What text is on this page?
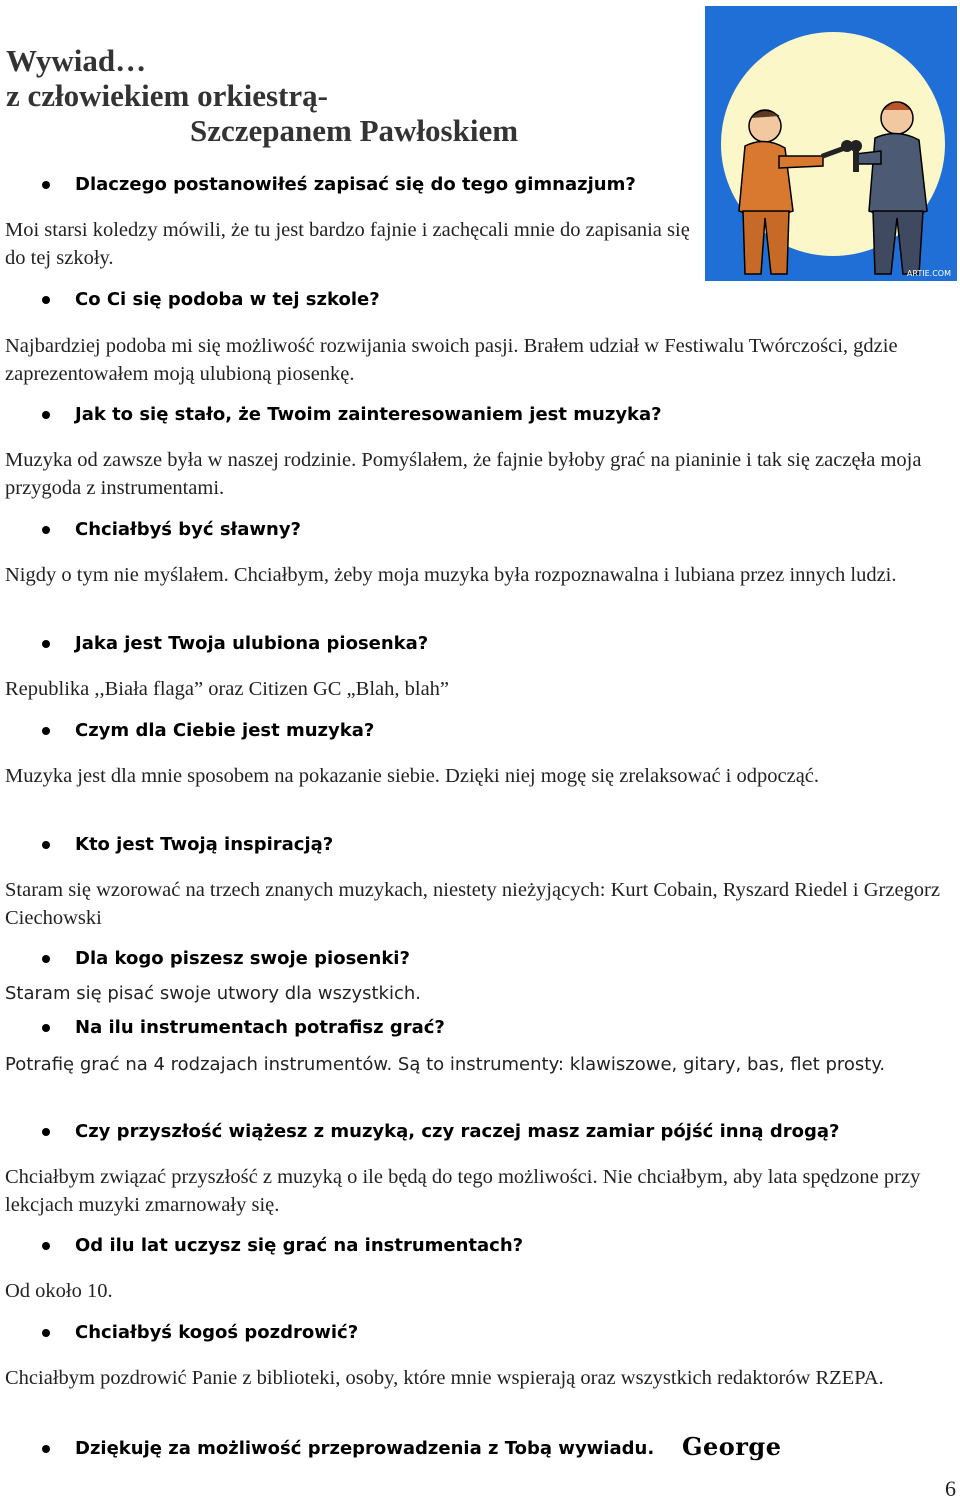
Wywiad…
z człowiekiem orkiestrą-
Szczepanem Pawłoskiem
ARTIE.COM
Dlaczego postanowiłeś zapisać się do tego gimnazjum?
Moi starsi koledzy mówili, że tu jest bardzo fajnie i zachęcali mnie do zapisania się do tej szkoły.
Co Ci się podoba w tej szkole?
Najbardziej podoba mi się możliwość rozwijania swoich pasji. Brałem udział w Festiwalu Twórczości, gdzie zaprezentowałem moją ulubioną piosenkę.
Jak to się stało, że Twoim zainteresowaniem jest muzyka?
Muzyka od zawsze była w naszej rodzinie. Pomyślałem, że fajnie byłoby grać na pianinie i tak się zaczęła moja przygoda z instrumentami.
Chciałbyś być sławny?
Nigdy o tym nie myślałem. Chciałbym, żeby moja muzyka była rozpoznawalna i lubiana przez innych ludzi.
Jaka jest Twoja ulubiona piosenka?
Republika ,,Biała flaga” oraz Citizen GC „Blah, blah”
Czym dla Ciebie jest muzyka?
Muzyka jest dla mnie sposobem na pokazanie siebie. Dzięki niej mogę się zrelaksować i odpocząć.
Kto jest Twoją inspiracją?
Staram się wzorować na trzech znanych muzykach, niestety nieżyjących: Kurt Cobain, Ryszard Riedel i Grzegorz Ciechowski
Dla kogo piszesz swoje piosenki?
Staram się pisać swoje utwory dla wszystkich.
Na ilu instrumentach potrafisz grać?
Potrafię grać na 4 rodzajach instrumentów. Są to instrumenty: klawiszowe, gitary, bas, flet prosty.
Czy przyszłość wiążesz z muzyką, czy raczej masz zamiar pójść inną drogą?
Chciałbym związać przyszłość z muzyką o ile będą do tego możliwości. Nie chciałbym, aby lata spędzone przy lekcjach muzyki zmarnowały się.
Od ilu lat uczysz się grać na instrumentach?
Od około 10.
Chciałbyś kogoś pozdrowić?
Chciałbym pozdrowić Panie z biblioteki, osoby, które mnie wspierają oraz wszystkich redaktorów RZEPA.
Dziękuję za możliwość przeprowadzenia z Tobą wywiadu. George
6
